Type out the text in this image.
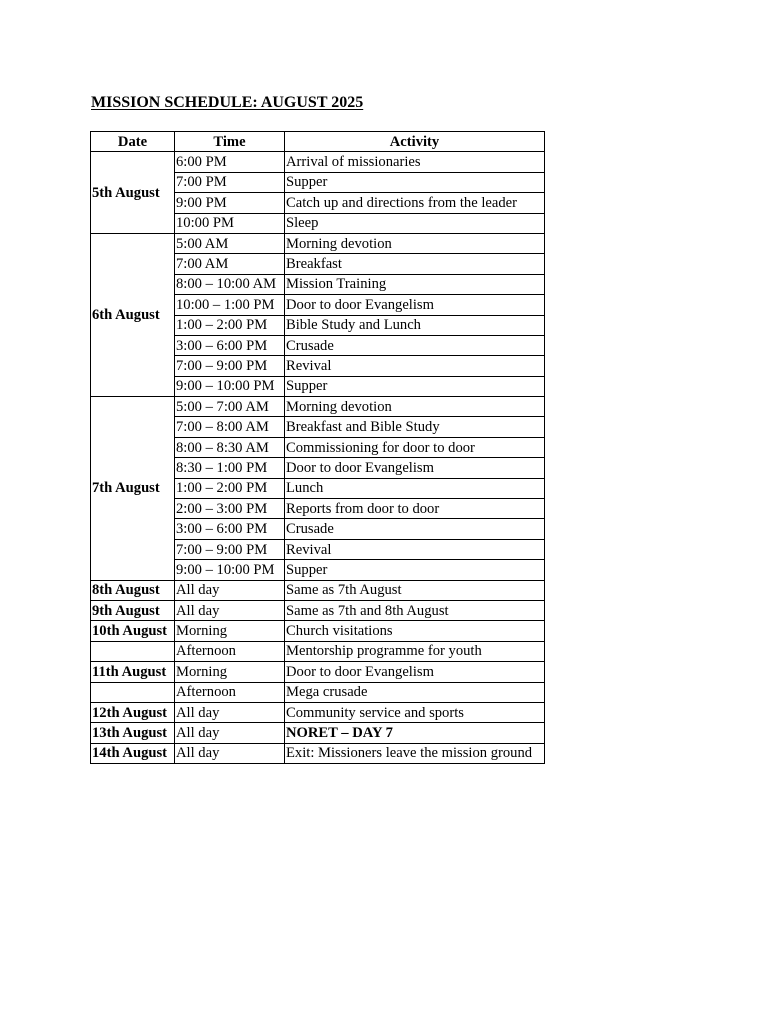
MISSION SCHEDULE: AUGUST 2025
Date	Time	Activity
5th August	6:00 PM	Arrival of missionaries
	7:00 PM	Supper
	9:00 PM	Catch up and directions from the leader
	10:00 PM	Sleep
6th August	5:00 AM	Morning devotion
	7:00 AM	Breakfast
	8:00 – 10:00 AM	Mission Training
	10:00 – 1:00 PM	Door to door Evangelism
	1:00 – 2:00 PM	Bible Study and Lunch
	3:00 – 6:00 PM	Crusade
	7:00 – 9:00 PM	Revival
	9:00 – 10:00 PM	Supper
7th August	5:00 – 7:00 AM	Morning devotion
	7:00 – 8:00 AM	Breakfast and Bible Study
	8:00 – 8:30 AM	Commissioning for door to door
	8:30 – 1:00 PM	Door to door Evangelism
	1:00 – 2:00 PM	Lunch
	2:00 – 3:00 PM	Reports from door to door
	3:00 – 6:00 PM	Crusade
	7:00 – 9:00 PM	Revival
	9:00 – 10:00 PM	Supper
8th August	All day	Same as 7th August
9th August	All day	Same as 7th and 8th August
10th August	Morning	Church visitations
	Afternoon	Mentorship programme for youth
11th August	Morning	Door to door Evangelism
	Afternoon	Mega crusade
12th August	All day	Community service and sports
13th August	All day	NORET – DAY 7
14th August	All day	Exit: Missioners leave the mission ground
